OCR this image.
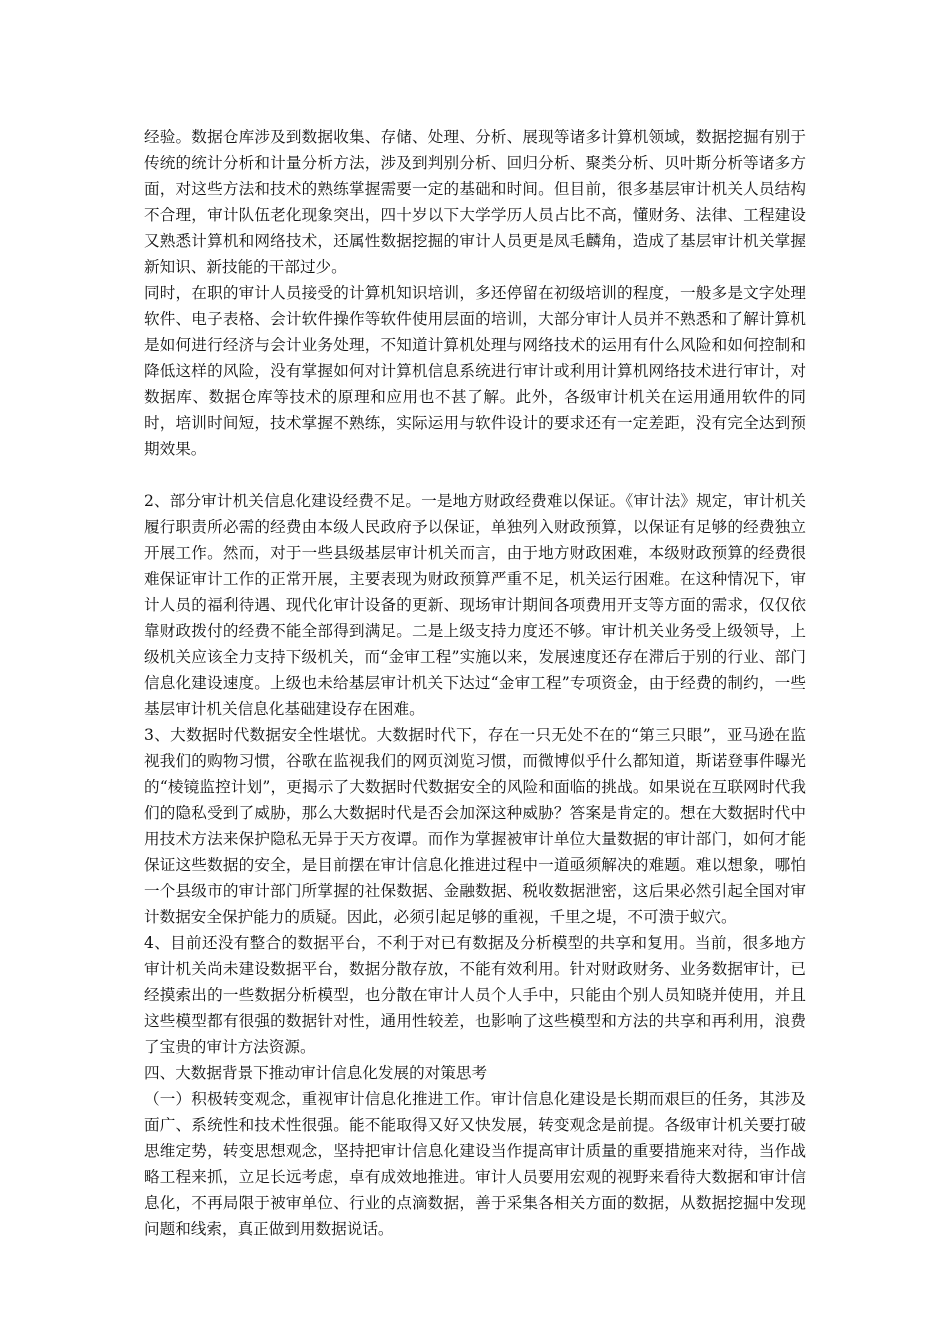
经验。数据仓库涉及到数据收集、存储、处理、分析、展现等诸多计算机领域，数据挖掘有别于传统的统计分析和计量分析方法，涉及到判别分析、回归分析、聚类分析、贝叶斯分析等诸多方面，对这些方法和技术的熟练掌握需要一定的基础和时间。但目前，很多基层审计机关人员结构不合理，审计队伍老化现象突出，四十岁以下大学学历人员占比不高，懂财务、法律、工程建设又熟悉计算机和网络技术，还属性数据挖掘的审计人员更是凤毛麟角，造成了基层审计机关掌握新知识、新技能的干部过少。

同时，在职的审计人员接受的计算机知识培训，多还停留在初级培训的程度，一般多是文字处理软件、电子表格、会计软件操作等软件使用层面的培训，大部分审计人员并不熟悉和了解计算机是如何进行经济与会计业务处理，不知道计算机处理与网络技术的运用有什么风险和如何控制和降低这样的风险，没有掌握如何对计算机信息系统进行审计或利用计算机网络技术进行审计，对数据库、数据仓库等技术的原理和应用也不甚了解。此外，各级审计机关在运用通用软件的同时，培训时间短，技术掌握不熟练，实际运用与软件设计的要求还有一定差距，没有完全达到预期效果。

2、部分审计机关信息化建设经费不足。一是地方财政经费难以保证。《审计法》规定，审计机关履行职责所必需的经费由本级人民政府予以保证，单独列入财政预算，以保证有足够的经费独立开展工作。然而，对于一些县级基层审计机关而言，由于地方财政困难，本级财政预算的经费很难保证审计工作的正常开展，主要表现为财政预算严重不足，机关运行困难。在这种情况下，审计人员的福利待遇、现代化审计设备的更新、现场审计期间各项费用开支等方面的需求，仅仅依靠财政拨付的经费不能全部得到满足。二是上级支持力度还不够。审计机关业务受上级领导，上级机关应该全力支持下级机关，而“金审工程”实施以来，发展速度还存在滞后于别的行业、部门信息化建设速度。上级也未给基层审计机关下达过“金审工程”专项资金，由于经费的制约，一些基层审计机关信息化基础建设存在困难。

3、大数据时代数据安全性堪忧。大数据时代下，存在一只无处不在的“第三只眼”，亚马逊在监视我们的购物习惯，谷歌在监视我们的网页浏览习惯，而微博似乎什么都知道，斯诺登事件曝光的“棱镜监控计划”，更揭示了大数据时代数据安全的风险和面临的挑战。如果说在互联网时代我们的隐私受到了威胁，那么大数据时代是否会加深这种威胁？答案是肯定的。想在大数据时代中用技术方法来保护隐私无异于天方夜谭。而作为掌握被审计单位大量数据的审计部门，如何才能保证这些数据的安全，是目前摆在审计信息化推进过程中一道亟须解决的难题。难以想象，哪怕一个县级市的审计部门所掌握的社保数据、金融数据、税收数据泄密，这后果必然引起全国对审计数据安全保护能力的质疑。因此，必须引起足够的重视，千里之堤，不可溃于蚁穴。

4、目前还没有整合的数据平台，不利于对已有数据及分析模型的共享和复用。当前，很多地方审计机关尚未建设数据平台，数据分散存放，不能有效利用。针对财政财务、业务数据审计，已经摸索出的一些数据分析模型，也分散在审计人员个人手中，只能由个别人员知晓并使用，并且这些模型都有很强的数据针对性，通用性较差，也影响了这些模型和方法的共享和再利用，浪费了宝贵的审计方法资源。

四、大数据背景下推动审计信息化发展的对策思考

（一）积极转变观念，重视审计信息化推进工作。审计信息化建设是长期而艰巨的任务，其涉及面广、系统性和技术性很强。能不能取得又好又快发展，转变观念是前提。各级审计机关要打破思维定势，转变思想观念，坚持把审计信息化建设当作提高审计质量的重要措施来对待，当作战略工程来抓，立足长远考虑，卓有成效地推进。审计人员要用宏观的视野来看待大数据和审计信息化，不再局限于被审单位、行业的点滴数据，善于采集各相关方面的数据，从数据挖掘中发现问题和线索，真正做到用数据说话。
